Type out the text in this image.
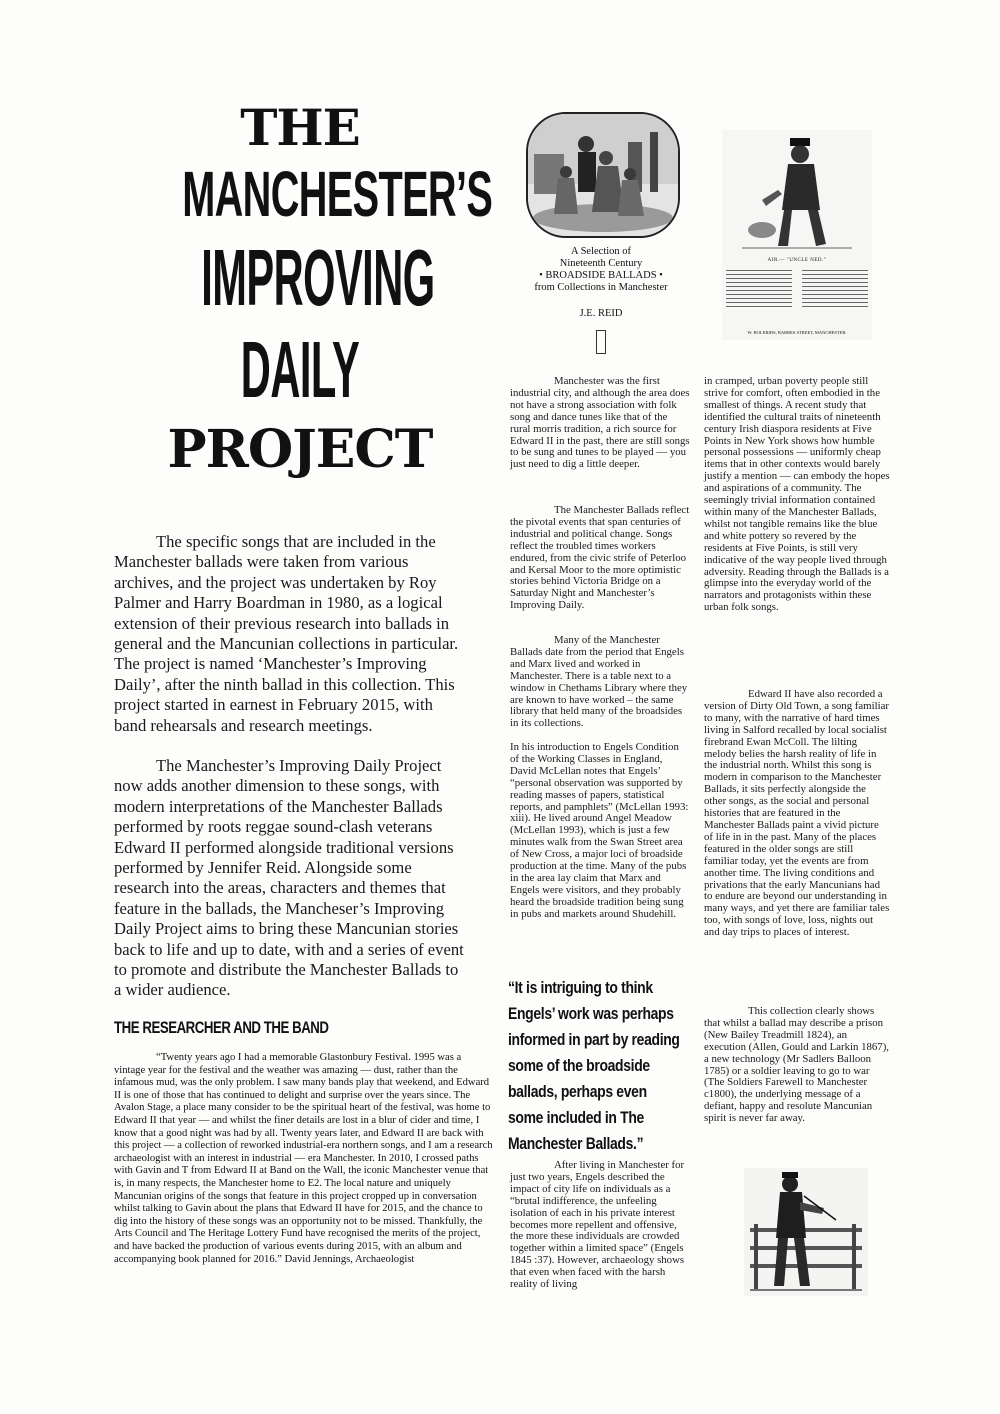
THE
MANCHESTER’S
IMPROVING
DAILY
PROJECT

The specific songs that are included in the Manchester ballads were taken from various archives, and the project was undertaken by Roy Palmer and Harry Boardman in 1980, as a logical extension of their previous research into ballads in general and the Mancunian collections in particular. The project is named ‘Manchester’s Improving Daily’, after the ninth ballad in this collection. This project started in earnest in February 2015, with band rehearsals and research meetings.

The Manchester’s Improving Daily Project now adds another dimension to these songs, with modern interpretations of the Manchester Ballads performed by roots reggae sound-clash veterans Edward II performed alongside traditional versions performed by Jennifer Reid. Alongside some research into the areas, characters and themes that feature in the ballads, the Mancheser’s Improving Daily Project aims to bring these Mancunian stories back to life and up to date, with and a series of event to promote and distribute the Manchester Ballads to a wider audience.

THE RESEARCHER AND THE BAND

“Twenty years ago I had a memorable Glastonbury Festival. 1995 was a vintage year for the festival and the weather was amazing — dust, rather than the infamous mud, was the only problem. I saw many bands play that weekend, and Edward II is one of those that has continued to delight and surprise over the years since. The Avalon Stage, a place many consider to be the spiritual heart of the festival, was home to Edward II that year — and whilst the finer details are lost in a blur of cider and time, I know that a good night was had by all. Twenty years later, and Edward II are back with this project — a collection of reworked industrial-era northern songs, and I am a research archaeologist with an interest in industrial — era Manchester. In 2010, I crossed paths with Gavin and T from Edward II at Band on the Wall, the iconic Manchester venue that is, in many respects, the Manchester home to E2. The local nature and uniquely Mancunian origins of the songs that feature in this project cropped up in conversation whilst talking to Gavin about the plans that Edward II have for 2015, and the chance to dig into the history of these songs was an opportunity not to be missed. Thankfully, the Arts Council and The Heritage Lottery Fund have recognised the merits of the project, and have backed the production of various events during 2015, with an album and accompanying book planned for 2016.” David Jennings, Archaeologist

A Selection of
Nineteenth Century
• BROADSIDE BALLADS •
from Collections in Manchester
J.E. REID
AIR.— "UNCLE NED."
W. BOLERIDS, BARRES STREET, MANCHESTER.

Manchester was the first industrial city, and although the area does not have a strong association with folk song and dance tunes like that of the rural morris tradition, a rich source for Edward II in the past, there are still songs to be sung and tunes to be played — you just need to dig a little deeper.

The Manchester Ballads reflect the pivotal events that span centuries of industrial and political change. Songs reflect the troubled times workers endured, from the civic strife of Peterloo and Kersal Moor to the more optimistic stories behind Victoria Bridge on a Saturday Night and Manchester’s Improving Daily.

Many of the Manchester Ballads date from the period that Engels and Marx lived and worked in Manchester. There is a table next to a window in Chethams Library where they are known to have worked – the same library that held many of the broadsides in its collections.

In his introduction to Engels Condition of the Working Classes in England, David McLellan notes that Engels’ “personal observation was supported by reading masses of papers, statistical reports, and pamphlets” (McLellan 1993: xiii). He lived around Angel Meadow (McLellan 1993), which is just a few minutes walk from the Swan Street area of New Cross, a major loci of broadside production at the time. Many of the pubs in the area lay claim that Marx and Engels were visitors, and they probably heard the broadside tradition being sung in pubs and markets around Shudehill.

“It is intriguing to think Engels’ work was perhaps informed in part by reading some of the broadside ballads, perhaps even some included in The Manchester Ballads.”

After living in Manchester for just two years, Engels described the impact of city life on individuals as a “brutal indifference, the unfeeling isolation of each in his private interest becomes more repellent and offensive, the more these individuals are crowded together within a limited space” (Engels 1845 :37). However, archaeology shows that even when faced with the harsh reality of living

in cramped, urban poverty people still strive for comfort, often embodied in the smallest of things. A recent study that identified the cultural traits of nineteenth century Irish diaspora residents at Five Points in New York shows how humble personal possessions — uniformly cheap items that in other contexts would barely justify a mention — can embody the hopes and aspirations of a community. The seemingly trivial information contained within many of the Manchester Ballads, whilst not tangible remains like the blue and white pottery so revered by the residents at Five Points, is still very indicative of the way people lived through adversity. Reading through the Ballads is a glimpse into the everyday world of the narrators and protagonists within these urban folk songs.

Edward II have also recorded a version of Dirty Old Town, a song familiar to many, with the narrative of hard times living in Salford recalled by local socialist firebrand Ewan McColl. The lilting melody belies the harsh reality of life in the industrial north. Whilst this song is modern in comparison to the Manchester Ballads, it sits perfectly alongside the other songs, as the social and personal histories that are featured in the Manchester Ballads paint a vivid picture of life in in the past. Many of the places featured in the older songs are still familiar today, yet the events are from another time. The living conditions and privations that the early Mancunians had to endure are beyond our understanding in many ways, and yet there are familiar tales too, with songs of love, loss, nights out and day trips to places of interest.

This collection clearly shows that whilst a ballad may describe a prison (New Bailey Treadmill 1824), an execution (Allen, Gould and Larkin 1867), a new technology (Mr Sadlers Balloon 1785) or a soldier leaving to go to war (The Soldiers Farewell to Manchester c1800), the underlying message of a defiant, happy and resolute Mancunian spirit is never far away.
